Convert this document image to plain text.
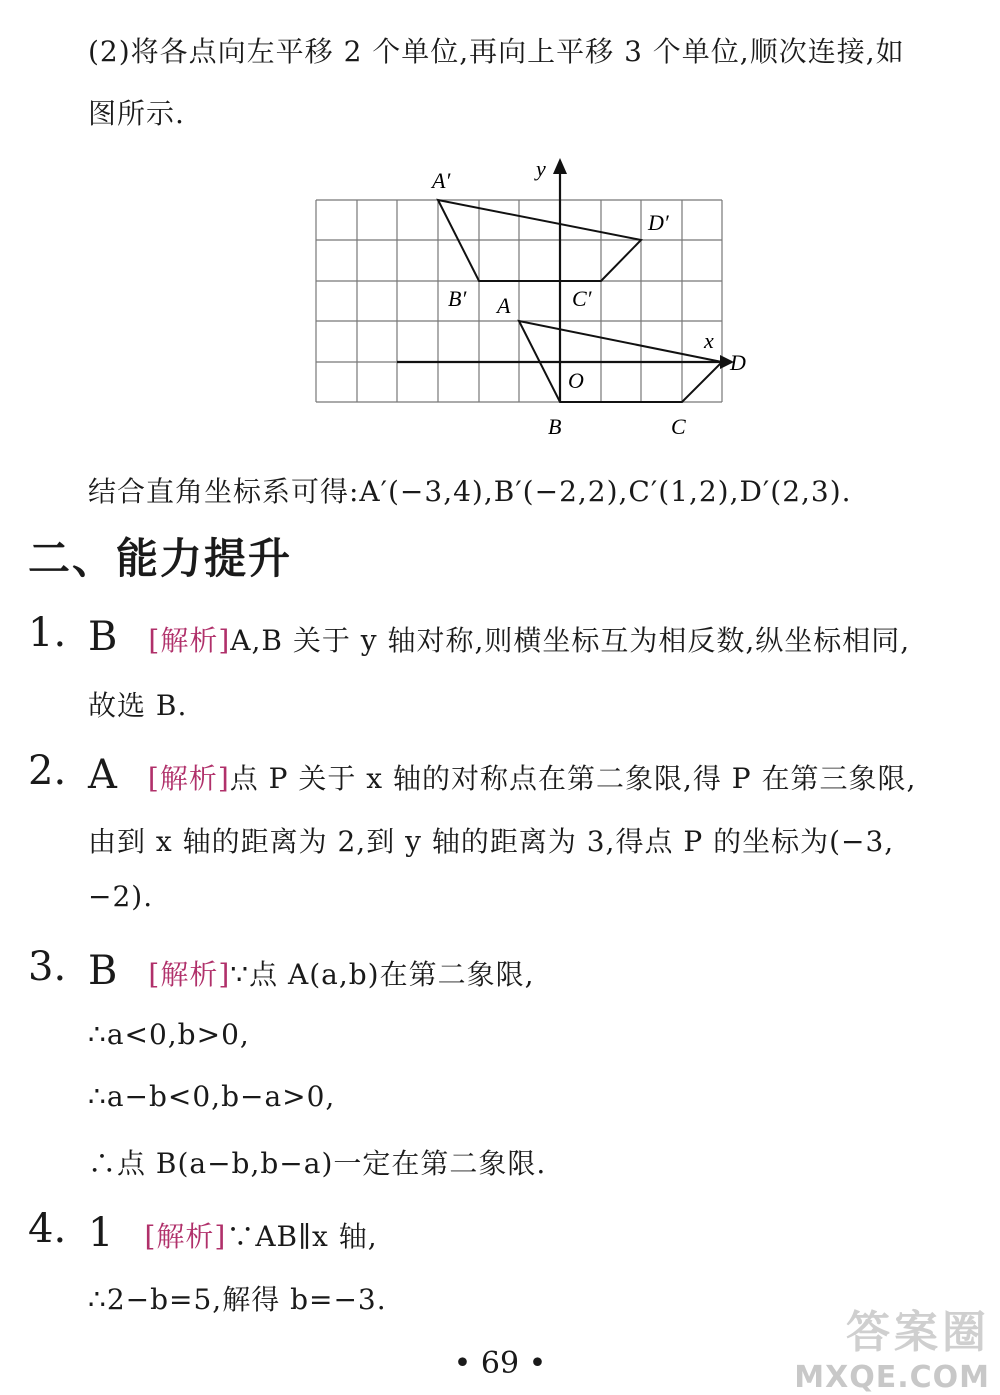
(2)将各点向左平移 2 个单位,再向上平移 3 个单位,顺次连接,如
图所示.
y
x
O
A
B	C
D
A′
B′	C′
D′
结合直角坐标系可得:A′(−3,4),B′(−2,2),C′(1,2),D′(2,3).
二、能力提升
1. B [解析]A,B 关于 y 轴对称,则横坐标互为相反数,纵坐标相同,
故选 B.
2. A [解析]点 P 关于 x 轴的对称点在第二象限,得 P 在第三象限,
由到 x 轴的距离为 2,到 y 轴的距离为 3,得点 P 的坐标为(−3,
−2).
3. B [解析]∵点 A(a,b)在第二象限,
∴a<0,b>0,
∴a−b<0,b−a>0,
∴点 B(a−b,b−a)一定在第二象限.
4. 1 [解析]∵AB∥x 轴,
∴2−b=5,解得 b=−3.
• 69 •
答案圈
MXQE.COM
